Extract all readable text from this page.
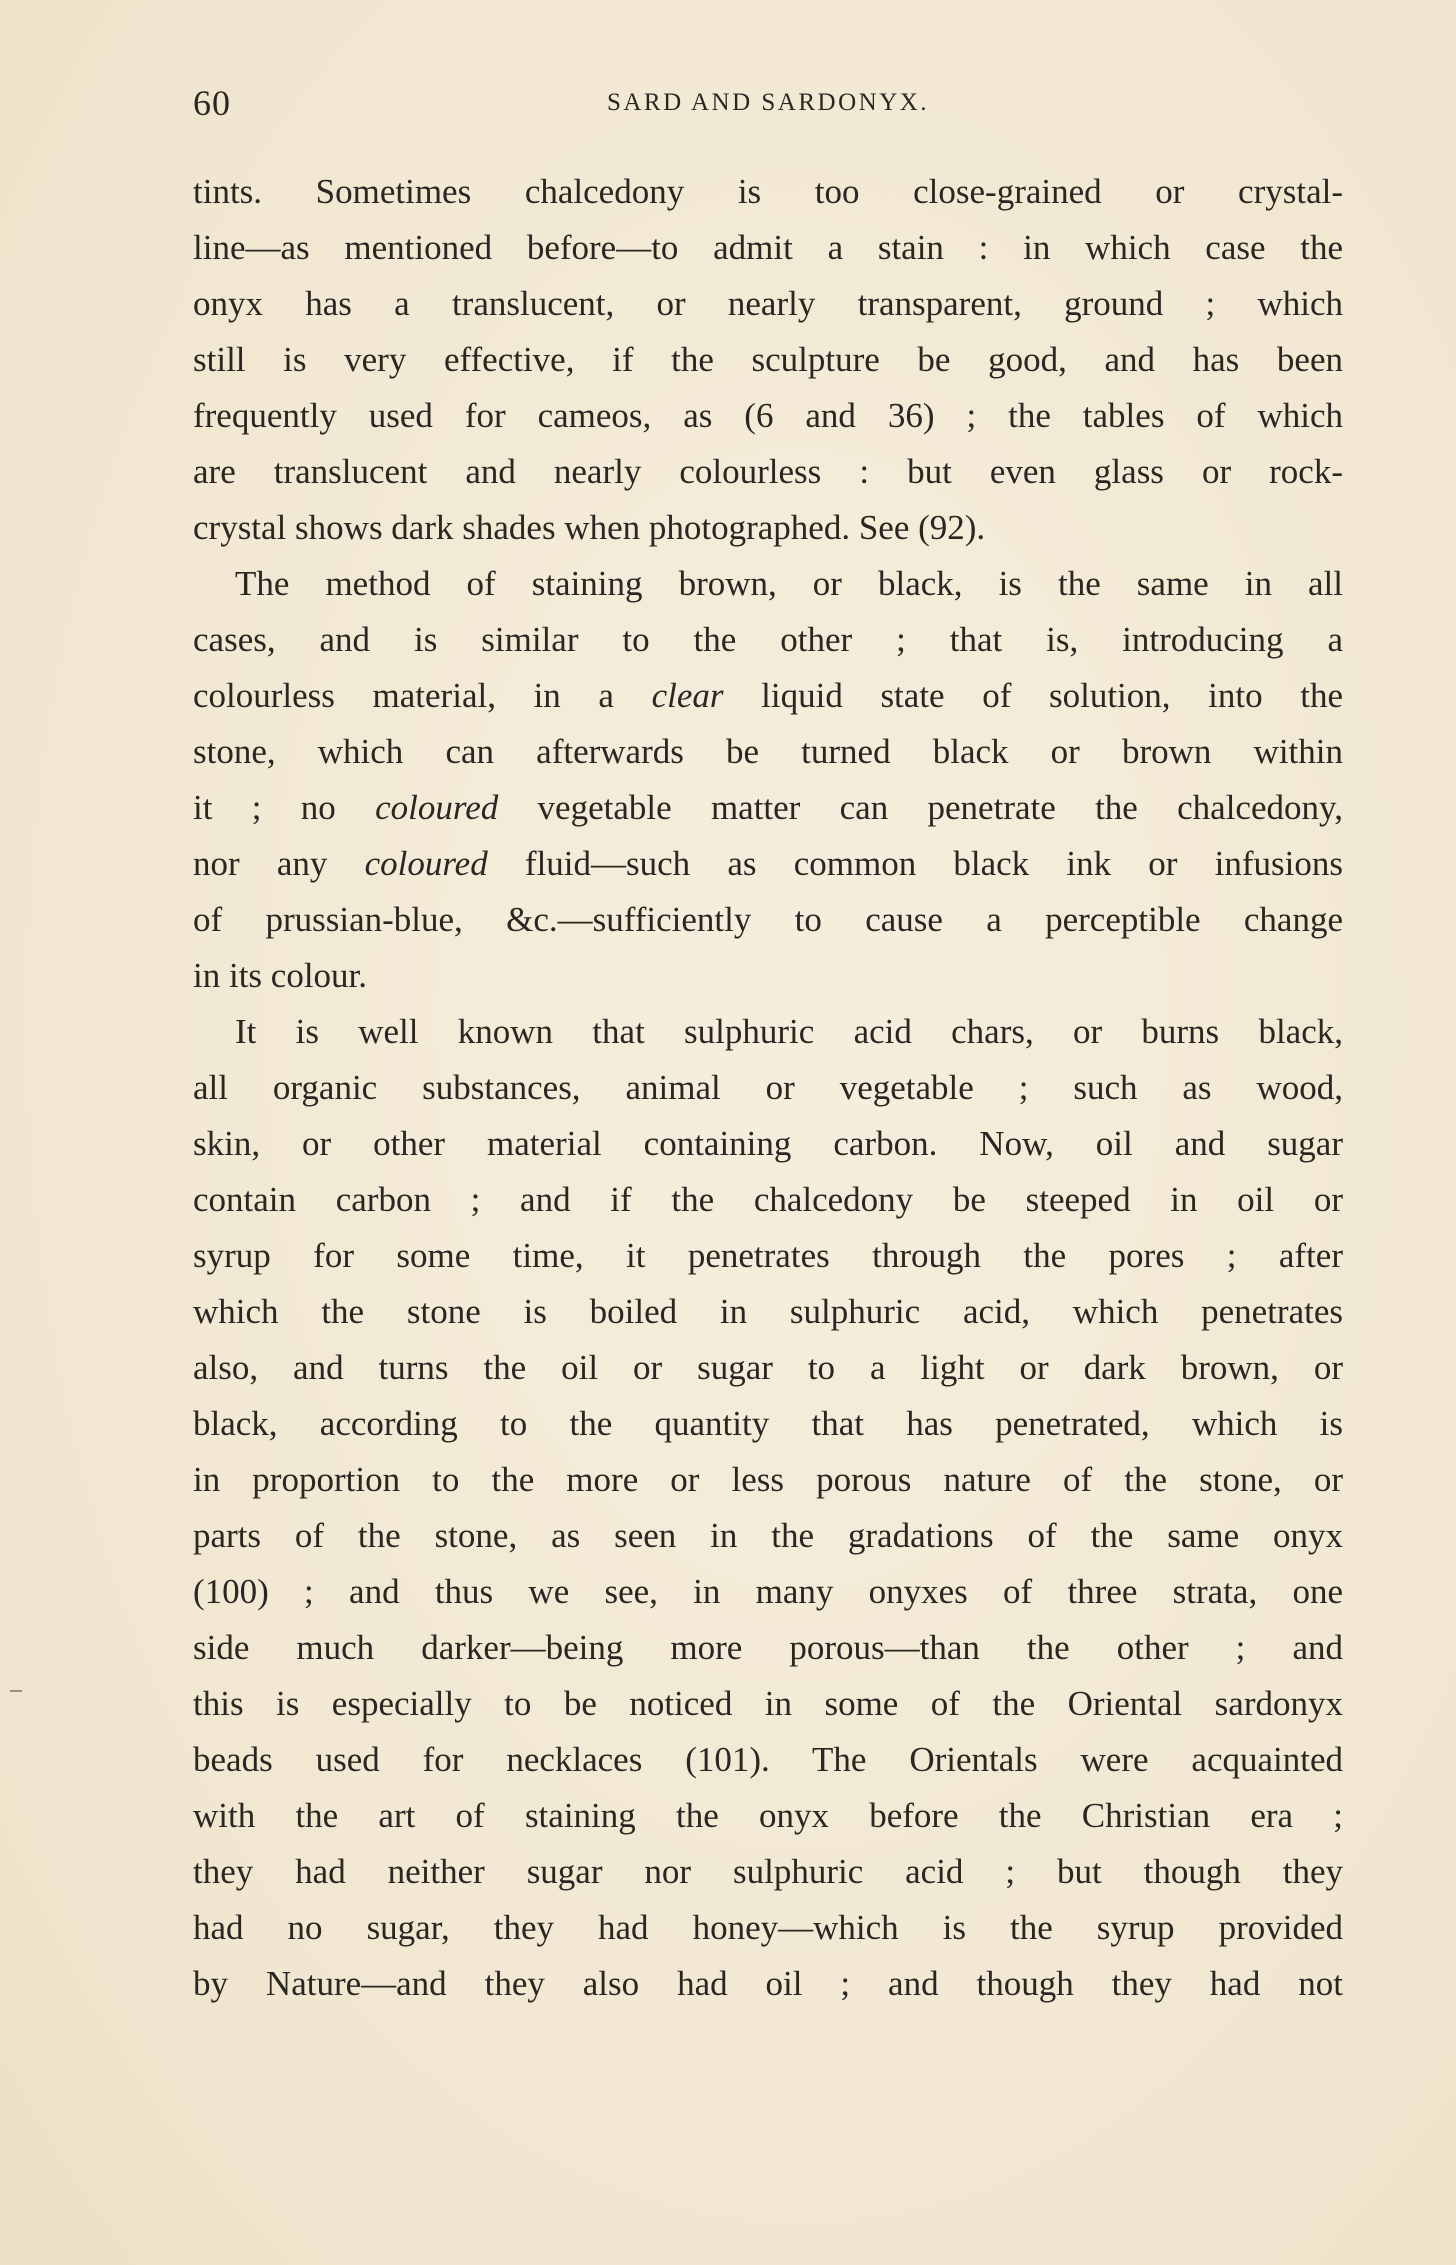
60	SARD AND SARDONYX.
tints. Sometimes chalcedony is too close-grained or crystal-
line—as mentioned before—to admit a stain : in which case the
onyx has a translucent, or nearly transparent, ground ; which
still is very effective, if the sculpture be good, and has been
frequently used for cameos, as (6 and 36) ; the tables of which
are translucent and nearly colourless : but even glass or rock-
crystal shows dark shades when photographed. See (92).
The method of staining brown, or black, is the same in all
cases, and is similar to the other ; that is, introducing a
colourless material, in a clear liquid state of solution, into the
stone, which can afterwards be turned black or brown within
it ; no coloured vegetable matter can penetrate the chalcedony,
nor any coloured fluid—such as common black ink or infusions
of prussian-blue, &c.—sufficiently to cause a perceptible change
in its colour.
It is well known that sulphuric acid chars, or burns black,
all organic substances, animal or vegetable ; such as wood,
skin, or other material containing carbon. Now, oil and sugar
contain carbon ; and if the chalcedony be steeped in oil or
syrup for some time, it penetrates through the pores ; after
which the stone is boiled in sulphuric acid, which penetrates
also, and turns the oil or sugar to a light or dark brown, or
black, according to the quantity that has penetrated, which is
in proportion to the more or less porous nature of the stone, or
parts of the stone, as seen in the gradations of the same onyx
(100) ; and thus we see, in many onyxes of three strata, one
side much darker—being more porous—than the other ; and
this is especially to be noticed in some of the Oriental sardonyx
beads used for necklaces (101). The Orientals were acquainted
with the art of staining the onyx before the Christian era ;
they had neither sugar nor sulphuric acid ; but though they
had no sugar, they had honey—which is the syrup provided
by Nature—and they also had oil ; and though they had not
